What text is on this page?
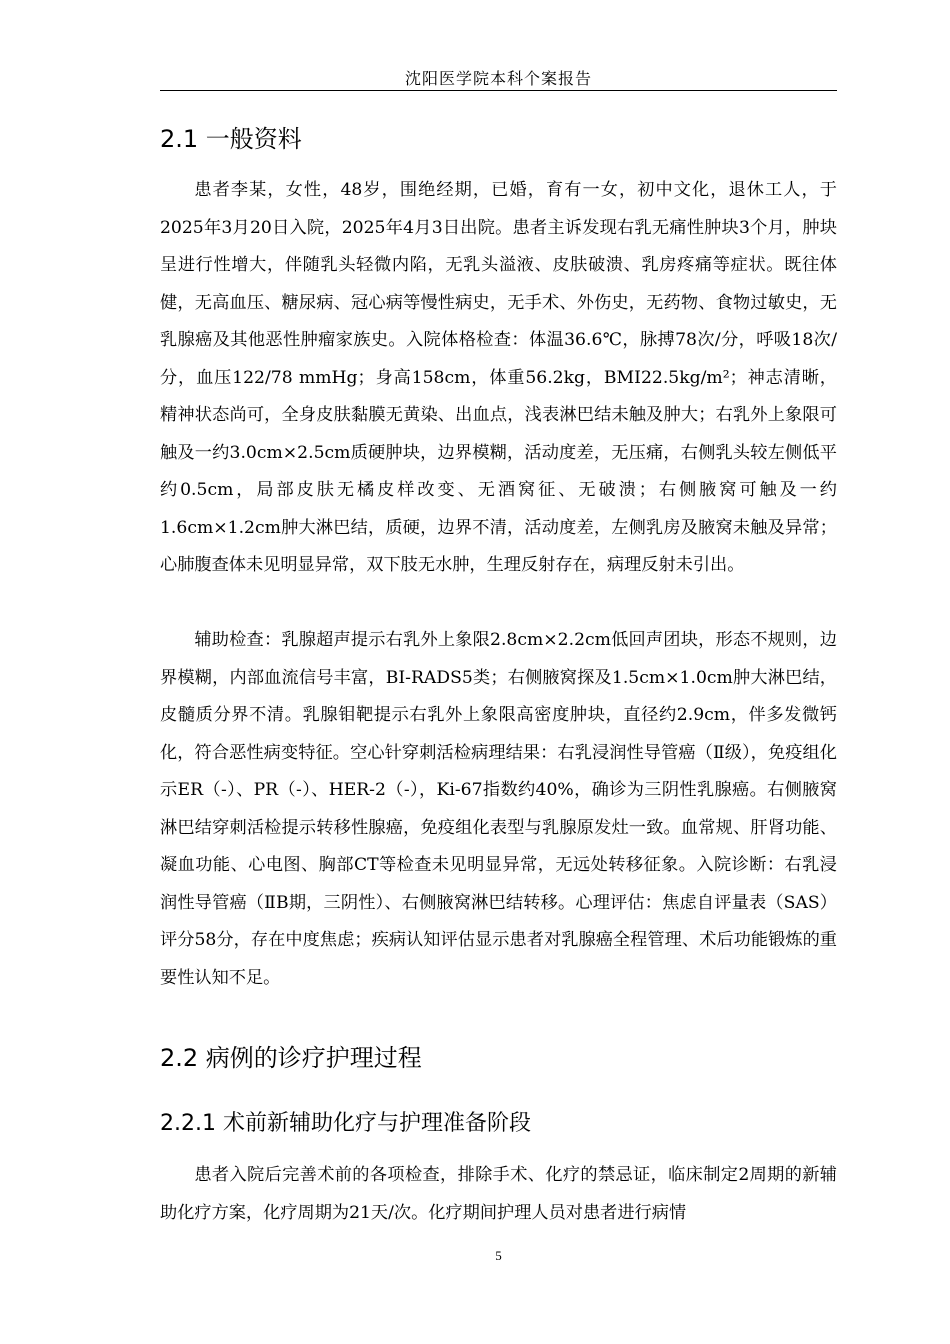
沈阳医学院本科个案报告
2.1 一般资料

患者李某，女性，48岁，围绝经期，已婚，育有一女，初中文化，退休工人，于2025年3月20日入院，2025年4月3日出院。患者主诉发现右乳无痛性肿块3个月，肿块呈进行性增大，伴随乳头轻微内陷，无乳头溢液、皮肤破溃、乳房疼痛等症状。既往体健，无高血压、糖尿病、冠心病等慢性病史，无手术、外伤史，无药物、食物过敏史，无乳腺癌及其他恶性肿瘤家族史。入院体格检查：体温36.6℃，脉搏78次/分，呼吸18次/分，血压122/78 mmHg；身高158cm，体重56.2kg，BMI22.5kg/m²；神志清晰，精神状态尚可，全身皮肤黏膜无黄染、出血点，浅表淋巴结未触及肿大；右乳外上象限可触及一约3.0cm×2.5cm质硬肿块，边界模糊，活动度差，无压痛，右侧乳头较左侧低平约0.5cm，局部皮肤无橘皮样改变、无酒窝征、无破溃；右侧腋窝可触及一约1.6cm×1.2cm肿大淋巴结，质硬，边界不清，活动度差，左侧乳房及腋窝未触及异常；心肺腹查体未见明显异常，双下肢无水肿，生理反射存在，病理反射未引出。

辅助检查：乳腺超声提示右乳外上象限2.8cm×2.2cm低回声团块，形态不规则，边界模糊，内部血流信号丰富，BI-RADS5类；右侧腋窝探及1.5cm×1.0cm肿大淋巴结，皮髓质分界不清。乳腺钼靶提示右乳外上象限高密度肿块，直径约2.9cm，伴多发微钙化，符合恶性病变特征。空心针穿刺活检病理结果：右乳浸润性导管癌（Ⅱ级），免疫组化示ER（-）、PR（-）、HER-2（-），Ki-67指数约40%，确诊为三阴性乳腺癌。右侧腋窝淋巴结穿刺活检提示转移性腺癌，免疫组化表型与乳腺原发灶一致。血常规、肝肾功能、凝血功能、心电图、胸部CT等检查未见明显异常，无远处转移征象。入院诊断：右乳浸润性导管癌（ⅡB期，三阴性）、右侧腋窝淋巴结转移。心理评估：焦虑自评量表（SAS）评分58分，存在中度焦虑；疾病认知评估显示患者对乳腺癌全程管理、术后功能锻炼的重要性认知不足。

2.2 病例的诊疗护理过程
2.2.1 术前新辅助化疗与护理准备阶段

患者入院后完善术前的各项检查，排除手术、化疗的禁忌证，临床制定2周期的新辅助化疗方案，化疗周期为21天/次。化疗期间护理人员对患者进行病情

5
